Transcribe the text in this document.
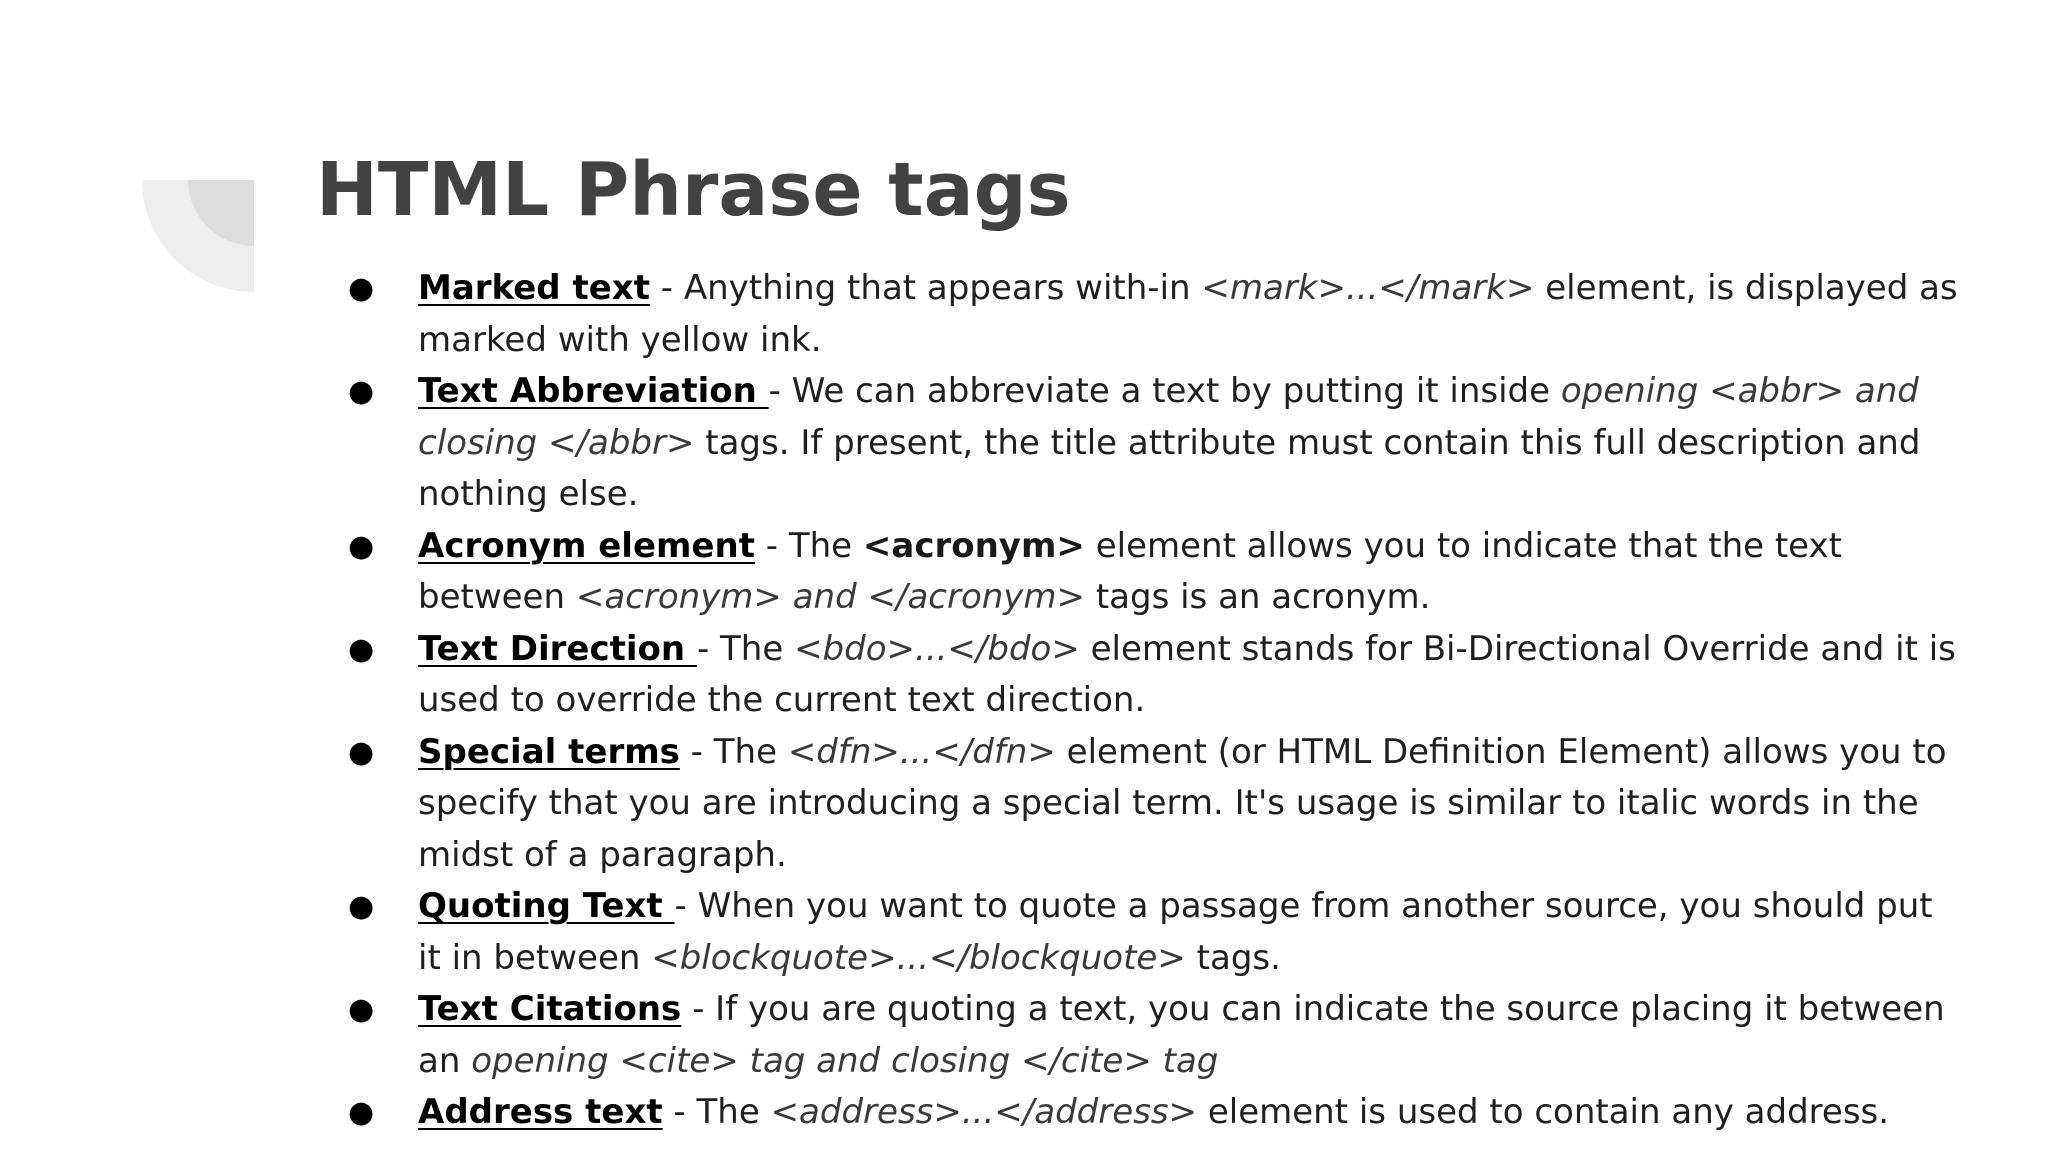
HTML Phrase tags
● Marked text - Anything that appears with-in <mark>...</mark> element, is displayed as marked with yellow ink.
● Text Abbreviation - We can abbreviate a text by putting it inside opening <abbr> and closing </abbr> tags. If present, the title attribute must contain this full description and nothing else.
● Acronym element - The <acronym> element allows you to indicate that the text between <acronym> and </acronym> tags is an acronym.
● Text Direction - The <bdo>...</bdo> element stands for Bi-Directional Override and it is used to override the current text direction.
● Special terms - The <dfn>...</dfn> element (or HTML Definition Element) allows you to specify that you are introducing a special term. It's usage is similar to italic words in the midst of a paragraph.
● Quoting Text - When you want to quote a passage from another source, you should put it in between <blockquote>...</blockquote> tags.
● Text Citations - If you are quoting a text, you can indicate the source placing it between an opening <cite> tag and closing </cite> tag
● Address text - The <address>...</address> element is used to contain any address.
